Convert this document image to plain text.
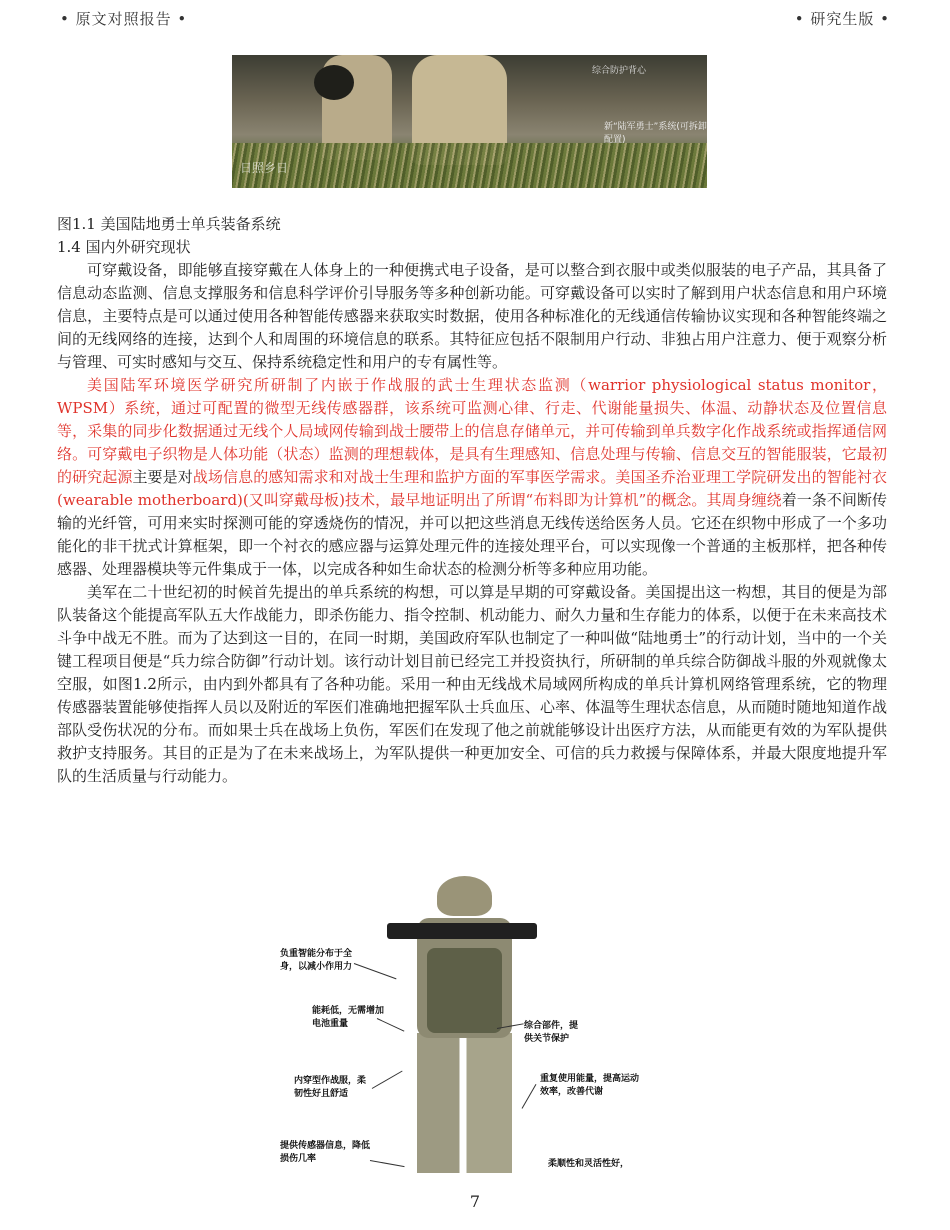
• 原文对照报告 •	• 研究生版 •
综合防护背心
新“陆军勇士”系统(可拆卸配置)
日照乡日
图1.1 美国陆地勇士单兵装备系统
1.4 国内外研究现状

可穿戴设备，即能够直接穿戴在人体身上的一种便携式电子设备，是可以整合到衣服中或类似服装的电子产品，其具备了信息动态监测、信息支撑服务和信息科学评价引导服务等多种创新功能。可穿戴设备可以实时了解到用户状态信息和用户环境信息，主要特点是可以通过使用各种智能传感器来获取实时数据，使用各种标准化的无线通信传输协议实现和各种智能终端之间的无线网络的连接，达到个人和周围的环境信息的联系。其特征应包括不限制用户行动、非独占用户注意力、便于观察分析与管理、可实时感知与交互、保持系统稳定性和用户的专有属性等。

美国陆军环境医学研究所研制了内嵌于作战服的武士生理状态监测（warrior physiological status monitor，WPSM）系统，通过可配置的微型无线传感器群，该系统可监测心律、行走、代谢能量损失、体温、动静状态及位置信息等，采集的同步化数据通过无线个人局域网传输到战士腰带上的信息存储单元，并可传输到单兵数字化作战系统或指挥通信网络。可穿戴电子织物是人体功能（状态）监测的理想载体，是具有生理感知、信息处理与传输、信息交互的智能服装，它最初的研究起源主要是对战场信息的感知需求和对战士生理和监护方面的军事医学需求。美国圣乔治亚理工学院研发出的智能衬衣(wearable motherboard)(又叫穿戴母板)技术，最早地证明出了所谓“布料即为计算机”的概念。其周身缠绕着一条不间断传输的光纤管，可用来实时探测可能的穿透烧伤的情况，并可以把这些消息无线传送给医务人员。它还在织物中形成了一个多功能化的非干扰式计算框架，即一个衬衣的感应器与运算处理元件的连接处理平台，可以实现像一个普通的主板那样，把各种传感器、处理器模块等元件集成于一体，以完成各种如生命状态的检测分析等多种应用功能。

美军在二十世纪初的时候首先提出的单兵系统的构想，可以算是早期的可穿戴设备。美国提出这一构想，其目的便是为部队装备这个能提高军队五大作战能力，即杀伤能力、指令控制、机动能力、耐久力量和生存能力的体系，以便于在未来高技术斗争中战无不胜。而为了达到这一目的，在同一时期，美国政府军队也制定了一种叫做“陆地勇士”的行动计划，当中的一个关键工程项目便是“兵力综合防御”行动计划。该行动计划目前已经完工并投资执行，所研制的单兵综合防御战斗服的外观就像太空服，如图1.2所示，由内到外都具有了各种功能。采用一种由无线战术局域网所构成的单兵计算机网络管理系统，它的物理传感器装置能够使指挥人员以及附近的军医们准确地把握军队士兵血压、心率、体温等生理状态信息，从而随时随地知道作战部队受伤状况的分布。而如果士兵在战场上负伤，军医们在发现了他之前就能够设计出医疗方法，从而能更有效的为军队提供救护支持服务。其目的正是为了在未来战场上，为军队提供一种更加安全、可信的兵力救援与保障体系，并最大限度地提升军队的生活质量与行动能力。

负重智能分布于全身，以减小作用力
能耗低，无需增加电池重量
内穿型作战服，柔韧性好且舒适
提供传感器信息，降低损伤几率
综合部件，提供关节保护
重复使用能量，提高运动效率，改善代谢
柔顺性和灵活性好，
7
